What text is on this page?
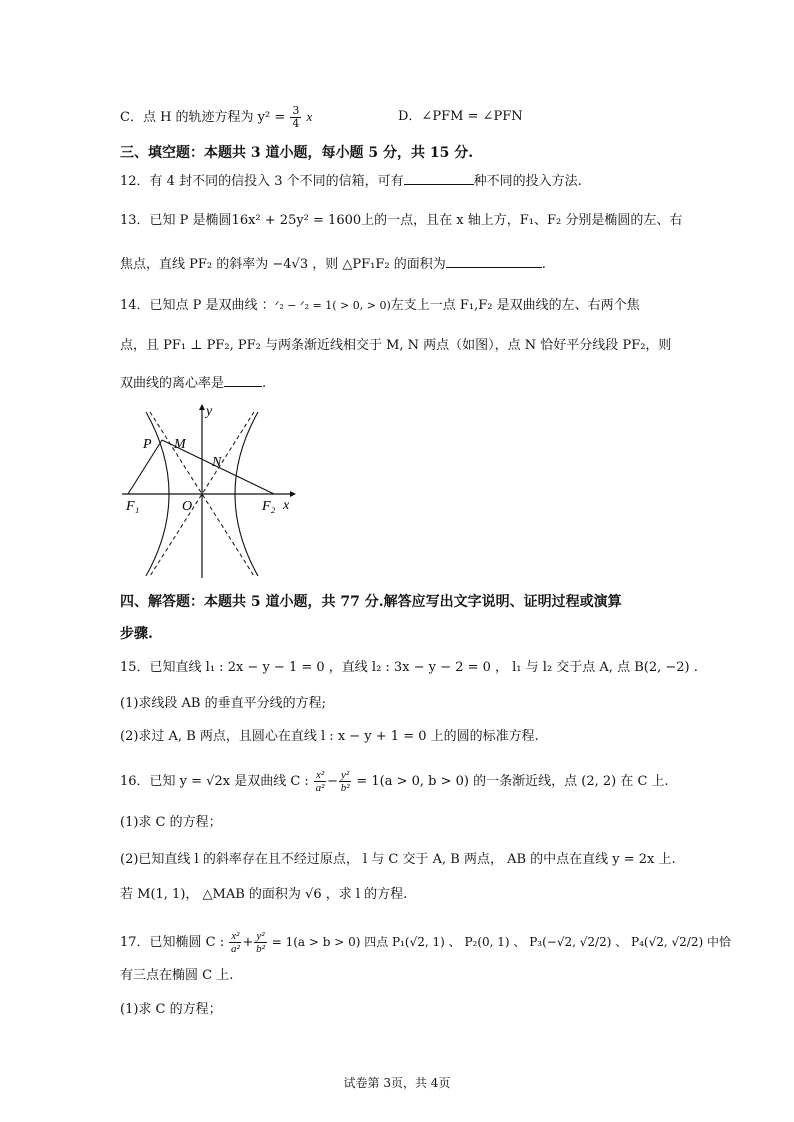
C．点 H 的轨迹方程为 $y^2 = \frac{3}{4}$ x	D．∠PFM = ∠PFN
三、填空题：本题共 3 道小题，每小题 5 分，共 15 分.
12．有 4 封不同的信投入 3 个不同的信箱，可有	种不同的投入方法.
13．已知 P 是椭圆16x² + 25y² = 1600上的一点，且在 x 轴上方，F₁、F₂ 分别是椭圆的左、右
焦点，直线 PF₂ 的斜率为 −4√3 ，则 △PF₁F₂ 的面积为	.
14．已知点 P 是双曲线 ：ᐟ₂ − ᐟ₂ = 1( > 0, > 0)左支上一点 F₁,F₂ 是双曲线的左、右两个焦
点，且 PF₁ ⊥ PF₂, PF₂ 与两条渐近线相交于 M, N 两点（如图），点 N 恰好平分线段 PF₂，则
双曲线的离心率是	.
y
x
P M
N
O
F₁	F₂
四、解答题：本题共 5 道小题，共 77 分.解答应写出文字说明、证明过程或演算
步骤.
15．已知直线 l₁ : 2x − y − 1 = 0 ，直线 l₂ : 3x − y − 2 = 0 ， l₁ 与 l₂ 交于点 A, 点 B(2, −2) .
(1)求线段 AB 的垂直平分线的方程;
(2)求过 A, B 两点，且圆心在直线 l : x − y + 1 = 0 上的圆的标准方程.
16．已知 y = √2x 是双曲线 C : $\frac{\text{x²}}{\text{a²}} - \frac{\text{y²}}{\text{b²}} = 1(a > 0$, b > 0) 的一条渐近线，点 (2, 2) 在 C 上.
(1)求 C 的方程；
(2)已知直线 l 的斜率存在且不经过原点， l 与 C 交于 A, B 两点， AB 的中点在直线 y = 2x 上.
若 M(1, 1)， △MAB 的面积为 √6 ，求 l 的方程.
17．已知椭圆 C : $\frac{\text{x²}}{\text{a²}} + \frac{\text{y²}}{\text{b²}} = 1(a > b > 0)$ 四点 P₁(√2, 1) 、 P₂(0, 1) 、 P₃(−√2, √2/2) 、 P₄(√2, √2/2) 中恰
有三点在椭圆 C 上.
(1)求 C 的方程；
试卷第 3页，共 4页
